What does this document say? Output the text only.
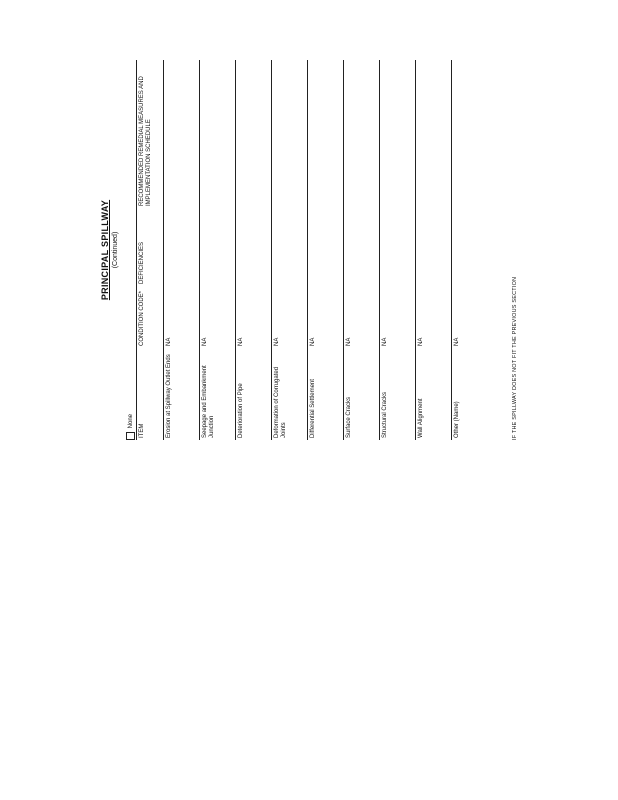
PRINCIPAL SPILLWAY (Continued)
None
ITEM	CONDITION CODE*	DEFICIENCIES	RECOMMENDED REMEDIAL MEASURES AND IMPLEMENTATION SCHEDULE
Erosion at Spillway Outlet Ends	NA		
Seepage and Embankment Junction	NA		
Deterioration of Pipe	NA		
Deformation of Corrugated Joints	NA		
Differential Settlement	NA		
Surface Cracks	NA		
Structural Cracks	NA		
Wall Alignment	NA		
Other (Name)	NA			IF THE SPILLWAY DOES NOT FIT THE PREVIOUS SECTION
